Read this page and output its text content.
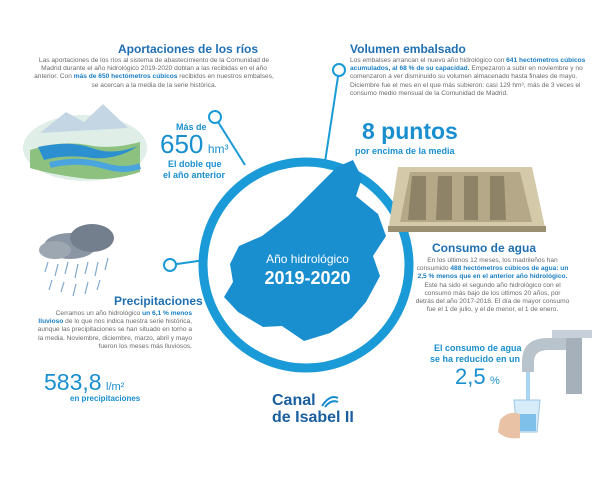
Aportaciones de los ríos
Las aportaciones de los ríos al sistema de abastecimiento de la Comunidad de Madrid durante el año hidrológico 2019-2020 doblan a las recibidas en el año anterior. Con más de 650 hectómetros cúbicos recibidos en nuestros embalses, se acercan a la media de la serie histórica.
Más de
650 hm³
El doble que
el año anterior
Volumen embalsado
Los embalses arrancan el nuevo año hidrológico con 641 hectómetros cúbicos acumulados, al 68 % de su capacidad. Empezaron a subir en noviembre y no comenzaron a ver disminuido su volumen almacenado hasta finales de mayo. Diciembre fue el mes en el que más subieron: casi 129 hm³, más de 3 veces el consumo medio mensual de la Comunidad de Madrid.
8 puntos
por encima de la media
Año hidrológico
2019-2020
Consumo de agua
En los últimos 12 meses, los madrileños han consumido 488 hectómetros cúbicos de agua: un 2,5 % menos que en el anterior año hidrológico. Este ha sido el segundo año hidrológico con el consumo más bajo de los últimos 20 años, por detrás del año 2017-2018. El día de mayor consumo fue el 1 de julio, y el de menor, el 1 de enero.
El consumo de agua
se ha reducido en un
2,5 %
Precipitaciones
Cerramos un año hidrológico un 6,1 % menos lluvioso de lo que nos indica nuestra serie histórica, aunque las precipitaciones se han situado en torno a la media. Noviembre, diciembre, marzo, abril y mayo fueron los meses más lluviosos.
583,8 l/m²
en precipitaciones	Canal
de Isabel II
